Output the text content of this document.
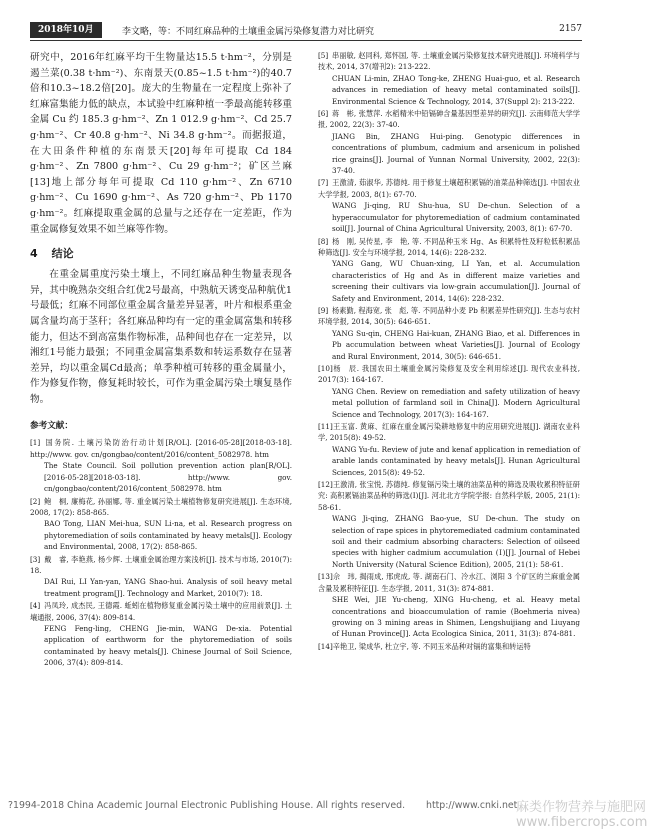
2018年10月	李文略，等：不同红麻品种的土壤重金属污染修复潜力对比研究	2157

研究中，2016年红麻平均干生物量达15.5 t·hm⁻²，分别是遏兰菜(0.38 t·hm⁻²)、东南景天(0.85~1.5 t·hm⁻²)的40.7倍和10.3~18.2倍[20]。庞大的生物量在一定程度上弥补了红麻富集能力低的缺点，本试验中红麻种植一季最高能转移重金属 Cu 约 185.3 g·hm⁻²、Zn 1 012.9 g·hm⁻²、Cd 25.7 g·hm⁻²、Cr 40.8 g·hm⁻²、Ni 34.8 g·hm⁻²。而据报道，在大田条件种植的东南景天[20]每年可提取 Cd 184 g·hm⁻²、Zn 7800 g·hm⁻²、Cu 29 g·hm⁻²；矿区兰麻[13]地上部分每年可提取 Cd 110 g·hm⁻²、Zn 6710 g·hm⁻²、Cu 1690 g·hm⁻²、As 720 g·hm⁻²、Pb 1170 g·hm⁻²。红麻提取重金属的总量与之还存在一定差距，作为重金属修复效果不如兰麻等作物。

4 结论

在重金属重度污染土壤上，不同红麻品种生物量表现各异，其中晚熟杂交组合红优2号最高，中熟航天诱变品种航优1号最低；红麻不同部位重金属含量差异显著，叶片和根系重金属含量均高于茎秆；各红麻品种均有一定的重金属富集和转移能力，但达不到高富集作物标准，品种间也存在一定差异，以湘红1号能力最强；不同重金属富集系数和转运系数存在显著差异，均以重金属Cd最高；单季种植可转移的重金属量小，作为修复作物，修复耗时较长，可作为重金属污染土壤复垦作物。

参考文献：
[1] 国务院. 土壤污染防治行动计划[R/OL]. [2016-05-28][2018-03-18]. http://www. gov. cn/gongbao/content/2016/content_5082978. htm
The State Council. Soil pollution prevention action plan[R/OL]. [2016-05-28][2018-03-18]. http://www. gov. cn/gongbao/content/2016/content_5082978. htm
[2] 鲍　桐, 廉梅花, 孙丽娜, 等. 重金属污染土壤植物修复研究进展[J]. 生态环境, 2008, 17(2): 858-865.
BAO Tong, LIAN Mei-hua, SUN Li-na, et al. Research progress on phytoremediation of soils contaminated by heavy metals[J]. Ecology and Environmental, 2008, 17(2): 858-865.
[3] 戴　睿, 李艳燕, 杨少辉. 土壤重金属治理方案浅析[J]. 技术与市场, 2010(7): 18.
DAI Rui, LI Yan-yan, YANG Shao-hui. Analysis of soil heavy metal treatment program[J]. Technology and Market, 2010(7): 18.
[4] 冯凤玲, 成杰民, 王德霞. 蚯蚓在植物修复重金属污染土壤中的应用前景[J]. 土壤通报, 2006, 37(4): 809-814.
FENG Feng-ling, CHENG Jie-min, WANG De-xia. Potential application of earthworm for the phytoremediation of soils contaminated by heavy metals[J]. Chinese Journal of Soil Science, 2006, 37(4): 809-814.
[5] 串丽敏, 赵同科, 郑怀国, 等. 土壤重金属污染修复技术研究进展[J]. 环境科学与技术, 2014, 37(增刊2): 213-222.
CHUAN Li-min, ZHAO Tong-ke, ZHENG Huai-guo, et al. Research advances in remediation of heavy metal contaminated soils[J]. Environmental Science & Technology, 2014, 37(Suppl 2): 213-222.
[6] 蒋　彬, 张慧萍. 水稻精米中铅镉砷含量基因型差异的研究[J]. 云南师范大学学报, 2002, 22(3): 37-40.
JIANG Bin, ZHANG Hui-ping. Genotypic differences in concentrations of plumbum, cadmium and arsenicum in polished rice grains[J]. Journal of Yunnan Normal University, 2002, 22(3): 37-40.
[7] 王激清, 茹淑华, 苏德纯. 用于修复土壤超积累镉的油菜品种筛选[J]. 中国农业大学学报, 2003, 8(1): 67-70.
WANG Ji-qing, RU Shu-hua, SU De-chun. Selection of a hyperaccumulator for phytoremediation of cadmium contaminated soil[J]. Journal of China Agricultural University, 2003, 8(1): 67-70.
[8] 杨　刚, 吴传星, 李　艳, 等. 不同品种玉米 Hg、As 积累特性及籽粒低积累品种筛选[J]. 安全与环境学报, 2014, 14(6): 228-232.
YANG Gang, WU Chuan-xing, LI Yan, et al. Accumulation characteristics of Hg and As in different maize varieties and screening their cultivars via low-grain accumulation[J]. Journal of Safety and Environment, 2014, 14(6): 228-232.
[9] 杨素勤, 程海宽, 张　彪, 等. 不同品种小麦 Pb 积累差异性研究[J]. 生态与农村环境学报, 2014, 30(5): 646-651.
YANG Su-qin, CHENG Hai-kuan, ZHANG Biao, et al. Differences in Pb accumulation between wheat Varieties[J]. Journal of Ecology and Rural Environment, 2014, 30(5): 646-651.
[10]杨　辰. 我国农田土壤重金属污染修复及安全利用综述[J]. 现代农业科技, 2017(3): 164-167.
YANG Chen. Review on remediation and safety utilization of heavy metal pollution of farmland soil in China[J]. Modern Agricultural Science and Technology, 2017(3): 164-167.
[11]王玉富. 黄麻、红麻在重金属污染耕地修复中的应用研究进展[J]. 湖南农业科学, 2015(8): 49-52.
WANG Yu-fu. Review of jute and kenaf application in remediation of arable lands contaminated by heavy metals[J]. Hunan Agricultural Sciences, 2015(8): 49-52.
[12]王激清, 张宝悦, 苏德纯. 修复镉污染土壤的油菜品种的筛选及吸收累积特征研究: 高积累镉油菜品种的筛选(Ⅰ)[J]. 河北北方学院学报: 自然科学版, 2005, 21(1): 58-61.
WANG Ji-qing, ZHANG Bao-yue, SU De-chun. The study on selection of rape spices in phytoremediated cadmium contaminated soil and their cadmium absorbing characters: Selection of oilseed species with higher cadmium accumulation (Ⅰ)[J]. Journal of Hebei North University (Natural Science Edition), 2005, 21(1): 58-61.
[13]佘　玮, 揭雨成, 邢虎成, 等. 湖南石门、冷水江、浏阳 3 个矿区的兰麻重金属含量及累积特征[J]. 生态学报, 2011, 31(3): 874-881.
SHE Wei, JIE Yu-cheng, XING Hu-cheng, et al. Heavy metal concentrations and bioaccumulation of ramie (Boehmeria nivea) growing on 3 mining areas in Shimen, Lengshuijiang and Liuyang of Hunan Province[J]. Acta Ecologica Sinica, 2011, 31(3): 874-881.
[14]辛艳卫, 梁成华, 杜立宇, 等. 不同玉米品种对镉的富集和转运特
?1994-2018 China Academic Journal Electronic Publishing House. All rights reserved. http://www.cnki.net
麻类作物营养与施肥网 www.fibercrops.com
